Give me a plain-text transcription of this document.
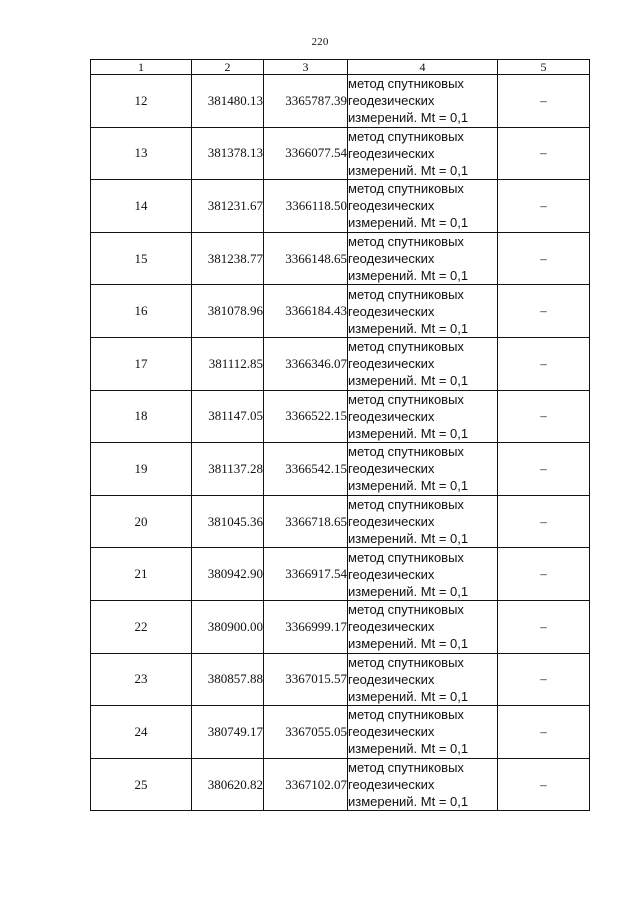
220
1	2	3	4	5
12	381480.13	3365787.39	метод спутниковых
геодезических
измерений. Mt = 0,1	–
13	381378.13	3366077.54	метод спутниковых
геодезических
измерений. Mt = 0,1	–
14	381231.67	3366118.50	метод спутниковых
геодезических
измерений. Mt = 0,1	–
15	381238.77	3366148.65	метод спутниковых
геодезических
измерений. Mt = 0,1	–
16	381078.96	3366184.43	метод спутниковых
геодезических
измерений. Mt = 0,1	–
17	381112.85	3366346.07	метод спутниковых
геодезических
измерений. Mt = 0,1	–
18	381147.05	3366522.15	метод спутниковых
геодезических
измерений. Mt = 0,1	–
19	381137.28	3366542.15	метод спутниковых
геодезических
измерений. Mt = 0,1	–
20	381045.36	3366718.65	метод спутниковых
геодезических
измерений. Mt = 0,1	–
21	380942.90	3366917.54	метод спутниковых
геодезических
измерений. Mt = 0,1	–
22	380900.00	3366999.17	метод спутниковых
геодезических
измерений. Mt = 0,1	–
23	380857.88	3367015.57	метод спутниковых
геодезических
измерений. Mt = 0,1	–
24	380749.17	3367055.05	метод спутниковых
геодезических
измерений. Mt = 0,1	–
25	380620.82	3367102.07	метод спутниковых
геодезических
измерений. Mt = 0,1	–
